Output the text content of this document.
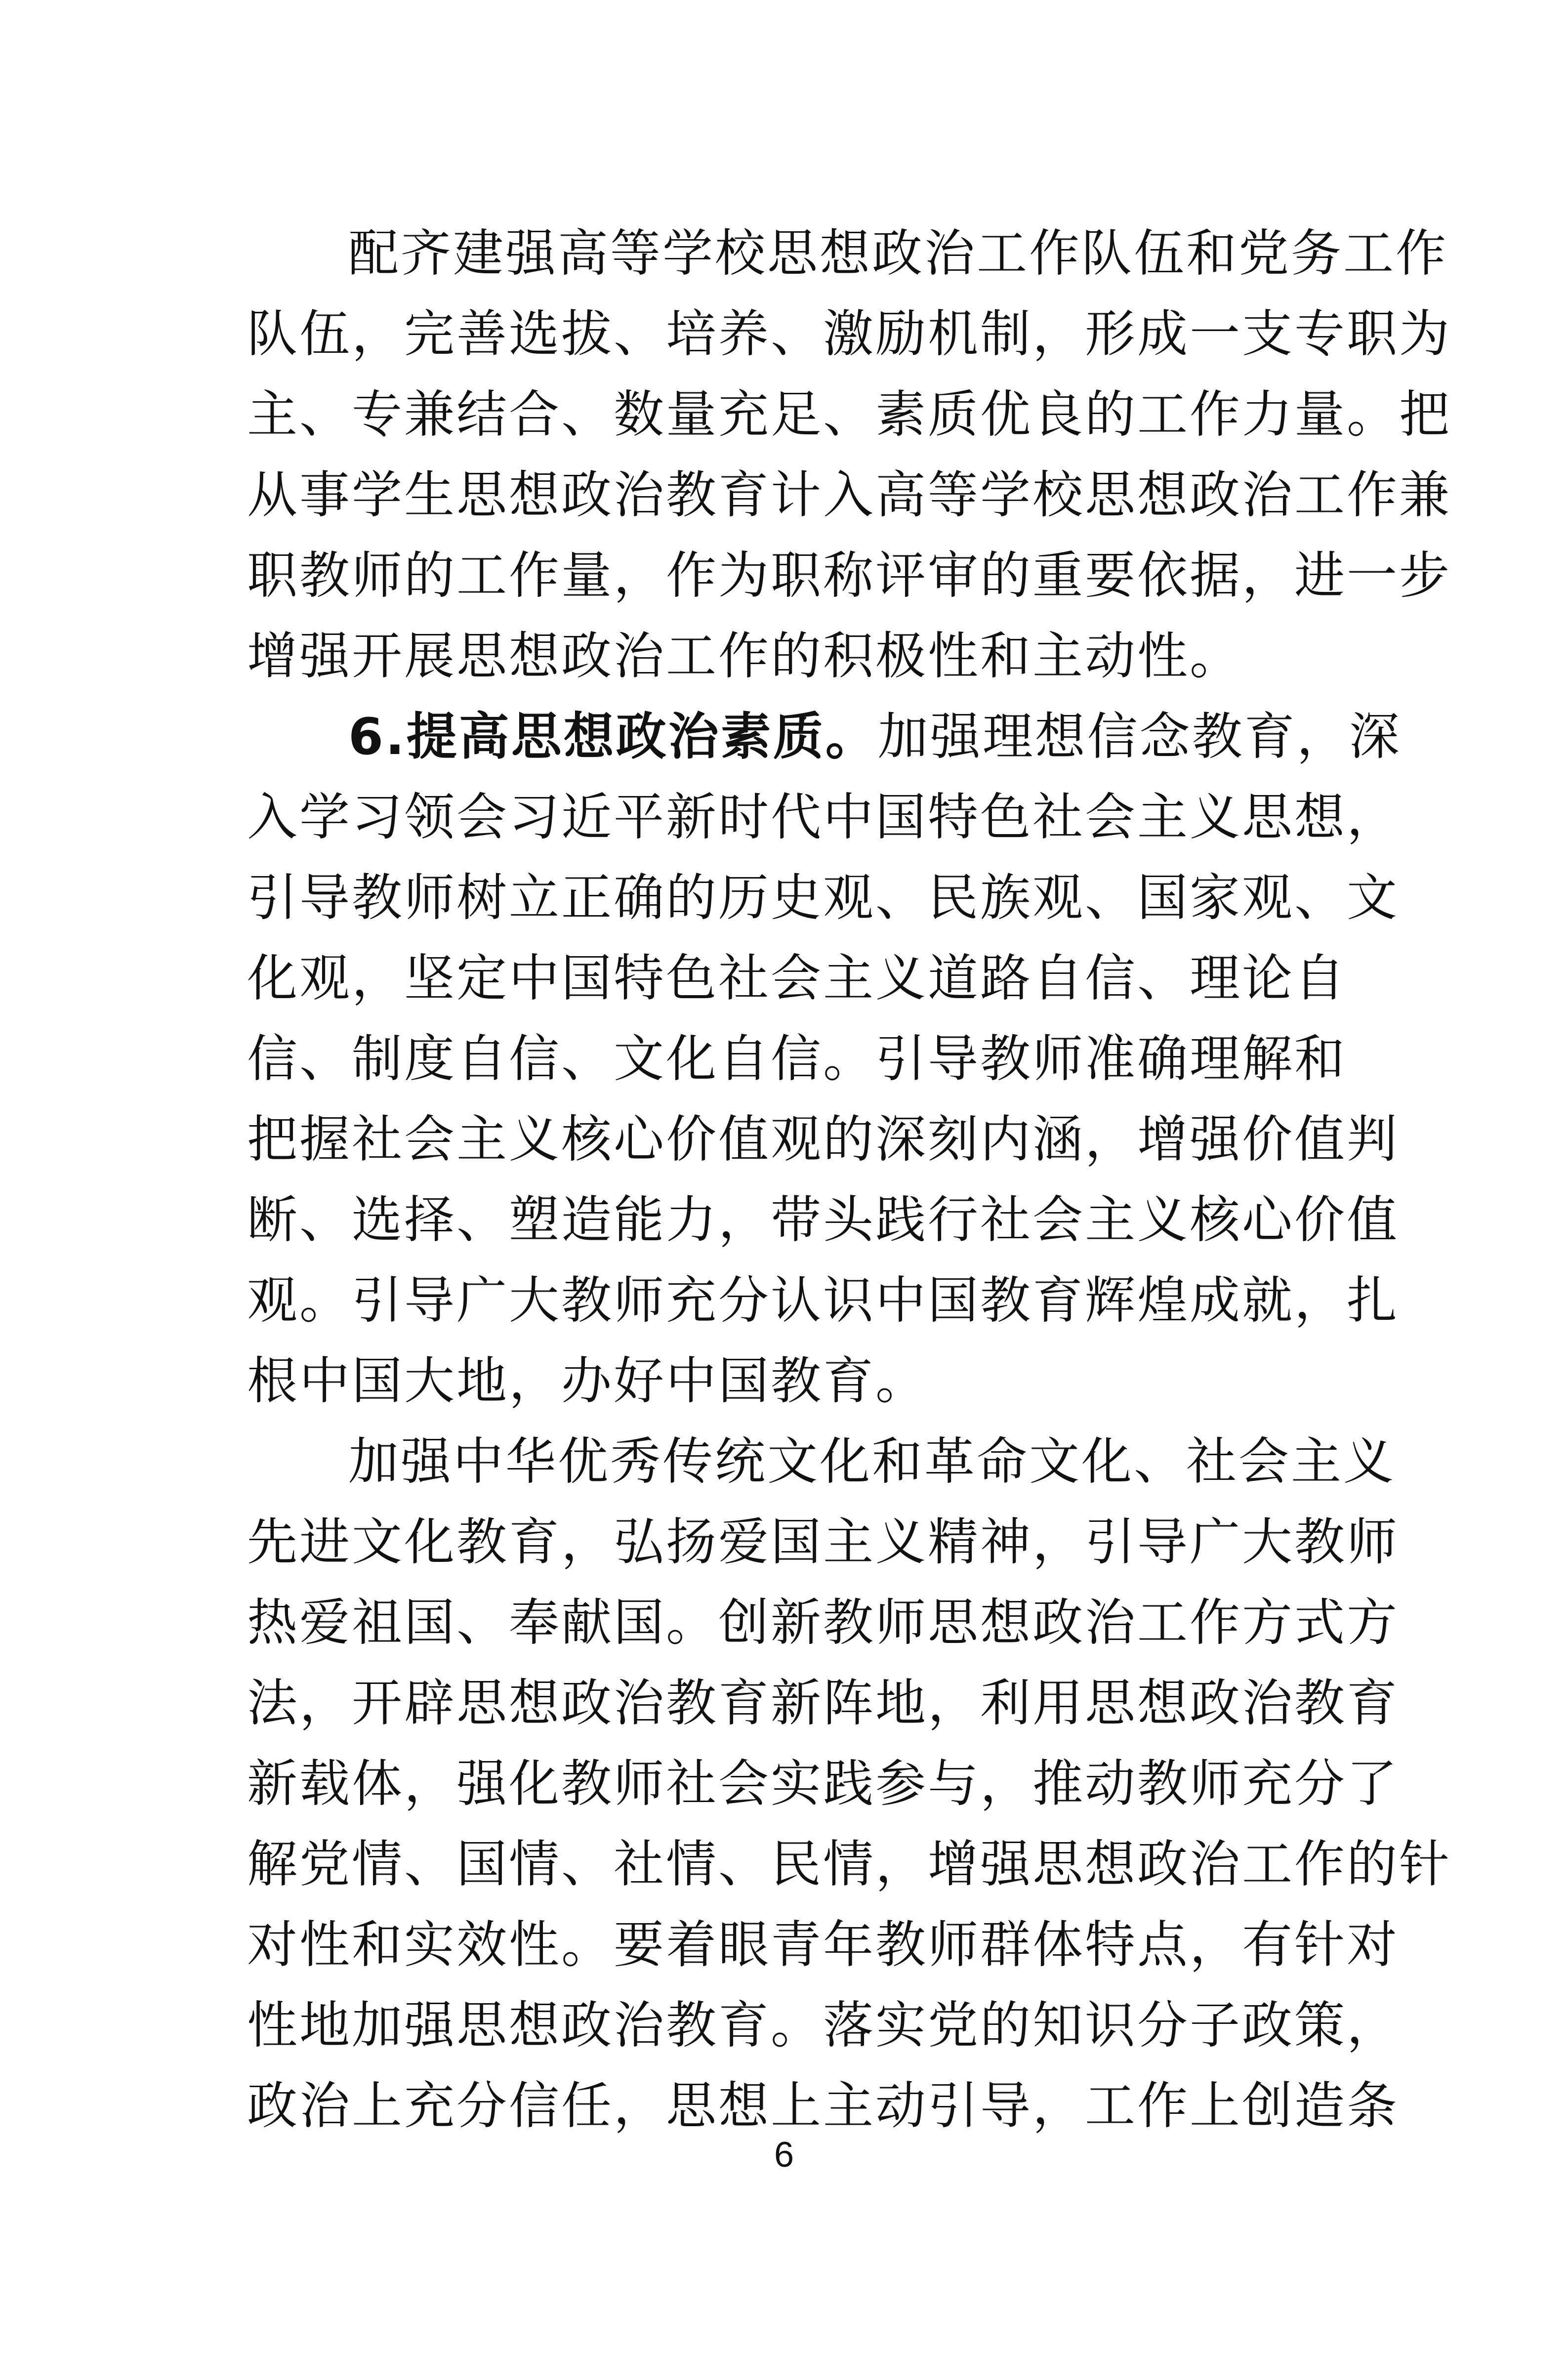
配齐建强高等学校思想政治工作队伍和党务工作
队伍，完善选拔、培养、激励机制，形成一支专职为
主、专兼结合、数量充足、素质优良的工作力量。把
从事学生思想政治教育计入高等学校思想政治工作兼
职教师的工作量，作为职称评审的重要依据，进一步
增强开展思想政治工作的积极性和主动性。
6.提高思想政治素质。加强理想信念教育，深
入学习领会习近平新时代中国特色社会主义思想，
引导教师树立正确的历史观、民族观、国家观、文
化观，坚定中国特色社会主义道路自信、理论自
信、制度自信、文化自信。引导教师准确理解和
把握社会主义核心价值观的深刻内涵，增强价值判
断、选择、塑造能力，带头践行社会主义核心价值
观。引导广大教师充分认识中国教育辉煌成就，扎
根中国大地，办好中国教育。
加强中华优秀传统文化和革命文化、社会主义
先进文化教育，弘扬爱国主义精神，引导广大教师
热爱祖国、奉献国。创新教师思想政治工作方式方
法，开辟思想政治教育新阵地，利用思想政治教育
新载体，强化教师社会实践参与，推动教师充分了
解党情、国情、社情、民情，增强思想政治工作的针
对性和实效性。要着眼青年教师群体特点，有针对
性地加强思想政治教育。落实党的知识分子政策，
政治上充分信任，思想上主动引导，工作上创造条
6
